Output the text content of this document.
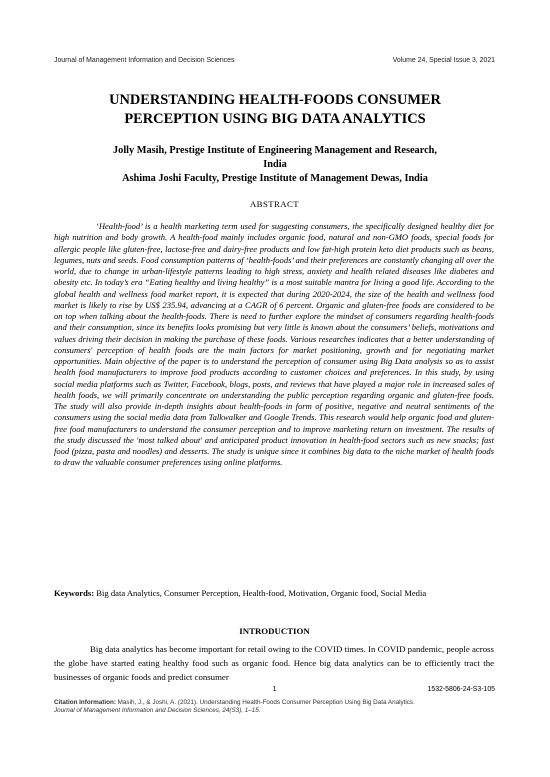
Journal of Management Information and Decision Sciences	Volume 24, Special Issue 3, 2021
UNDERSTANDING HEALTH-FOODS CONSUMER
PERCEPTION USING BIG DATA ANALYTICS
Jolly Masih, Prestige Institute of Engineering Management and Research,
India
Ashima Joshi Faculty, Prestige Institute of Management Dewas, India
ABSTRACT

‘Health-food’ is a health marketing term used for suggesting consumers, the specifically designed healthy diet for high nutrition and body growth. A health-food mainly includes organic food, natural and non-GMO foods, special foods for allergic people like gluten-free, lactose-free and dairy-free products and low fat-high protein keto diet products such as beans, legumes, nuts and seeds. Food consumption patterns of ‘health-foods’ and their preferences are constantly changing all over the world, due to change in urban-lifestyle patterns leading to high stress, anxiety and health related diseases like diabetes and obesity etc. In today’s era “Eating healthy and living healthy” is a most suitable mantra for living a good life. According to the global health and wellness food market report, it is expected that during 2020-2024, the size of the health and wellness food market is likely to rise by US$ 235.94, advancing at a CAGR of 6 percent. Organic and gluten-free foods are considered to be on top when talking about the health-foods. There is need to further explore the mindset of consumers regarding health-foods and their consumption, since its benefits looks promising but very little is known about the consumers’ beliefs, motivations and values driving their decision in making the purchase of these foods. Various researches indicates that a better understanding of consumers' perception of health foods are the main factors for market positioning, growth and for negotiating market opportunities. Main objective of the paper is to understand the perception of consumer using Big Data analysis so as to assist health food manufacturers to improve food products according to customer choices and preferences. In this study, by using social media platforms such as Twitter, Facebook, blogs, posts, and reviews that have played a major role in increased sales of health foods, we will primarily concentrate on understanding the public perception regarding organic and gluten-free foods. The study will also provide in-depth insights about health-foods in form of positive, negative and neutral sentiments of the consumers using the social media data from Talkwalker and Google Trends. This research would help organic food and gluten-free food manufacturers to understand the consumer perception and to improve marketing return on investment. The results of the study discussed the 'most talked about' and anticipated product innovation in health-food sectors such as new snacks; fast food (pizza, pasta and noodles) and desserts. The study is unique since it combines big data to the niche market of health foods to draw the valuable consumer preferences using online platforms.

Keywords: Big data Analytics, Consumer Perception, Health-food, Motivation, Organic food, Social Media
INTRODUCTION

Big data analytics has become important for retail owing to the COVID times. In COVID pandemic, people across the globe have started eating healthy food such as organic food. Hence big data analytics can be to efficiently tract the businesses of organic foods and predict consumer

1	1532-5806-24-S3-105
Citation Information: Masih, J., & Joshi, A. (2021). Understanding Health-Foods Consumer Perception Using Big Data Analytics.
Journal of Management Information and Decision Sciences, 24(S3), 1–15.
